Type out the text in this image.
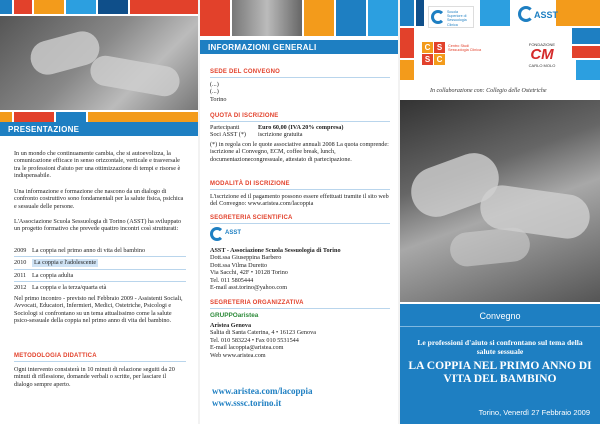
PRESENTAZIONE
In un mondo che continuamente cambia, che si autoevolizza, la comunicazione efficace in senso orizzontale, verticale e trasversale tra le professioni d'aiuto per una ottimizzazione di tempi e risorse è indispensabile.
Una informazione e formazione che nascono da un dialogo di confronto costruttivo sono fondamentali per la salute fisica, psichica e sessuale delle persone.
L'Associazione Scuola Sessuologia di Torino (ASST) ha sviluppato un progetto formativo che prevede quattro incontri così strutturati:
2009 La coppia nel primo anno di vita del bambino
2010	La coppia e l'adolescente
2011 La coppia adulta
2012 La coppia e la terza/quarta età
Nel primo incontro - previsto nel Febbraio 2009 - Assistenti Sociali, Avvocati, Educatori, Infermieri, Medici, Ostetriche, Psicologi e Sociologi si confrontano su un tema attualissimo come la salute psico-sessuale della coppia nel primo anno di vita del bambino.
METODOLOGIA DIDATTICA
Ogni intervento consisterà in 10 minuti di relazione seguiti da 20 minuti di riflessione, domande verbali o scritte, per lasciare il dialogo sempre aperto.
INFORMAZIONI GENERALI
SEDE DEL CONVEGNO
(...)
(...)
Torino
QUOTA DI ISCRIZIONE
Partecipanti	Euro 60,00 (IVA 20% compresa)
Soci ASST (*)	iscrizione gratuita
(*) in regola con le quote associative annuali 2008 La quota comprende: iscrizione al Convegno, ECM, coffee break, lunch, documentazionecongressuale, attestato di partecipazione.
MODALITÀ DI ISCRIZIONE
L'iscrizione ed il pagamento possono essere effettuati tramite il sito web del Convegno: www.aristea.com/lacoppia
SEGRETERIA SCIENTIFICA
ASST
ASST - Associazione Scuola Sessuologia di Torino
Dott.ssa Giuseppina Barbero
Dott.ssa Vilma Duretto
Via Sacchi, 42F • 10128 Torino
Tel. 011 5805444
E-mail asst.torino@yahoo.com
SEGRETERIA ORGANIZZATIVA
GRUPPOaristea
Aristea Genova
Salita di Santa Caterina, 4 • 16123 Genova
Tel. 010 583224 • Fax 010 5531544
E-mail lacoppia@aristea.com
Web www.aristea.com
www.aristea.com/lacoppia
www.sssc.torino.it
Scuola Superiore di Sessuologia Clinica
ASST
C S
S C
Centro Studi Sessuologia Clinica
FONDAZIONE
CM
CARLO MOLO
In collaborazione con: Collegio delle Ostetriche
Convegno
Le professioni d'aiuto si confrontano sul tema della salute sessuale
LA COPPIA NEL PRIMO ANNO DI VITA DEL BAMBINO
Torino, Venerdì 27 Febbraio 2009
